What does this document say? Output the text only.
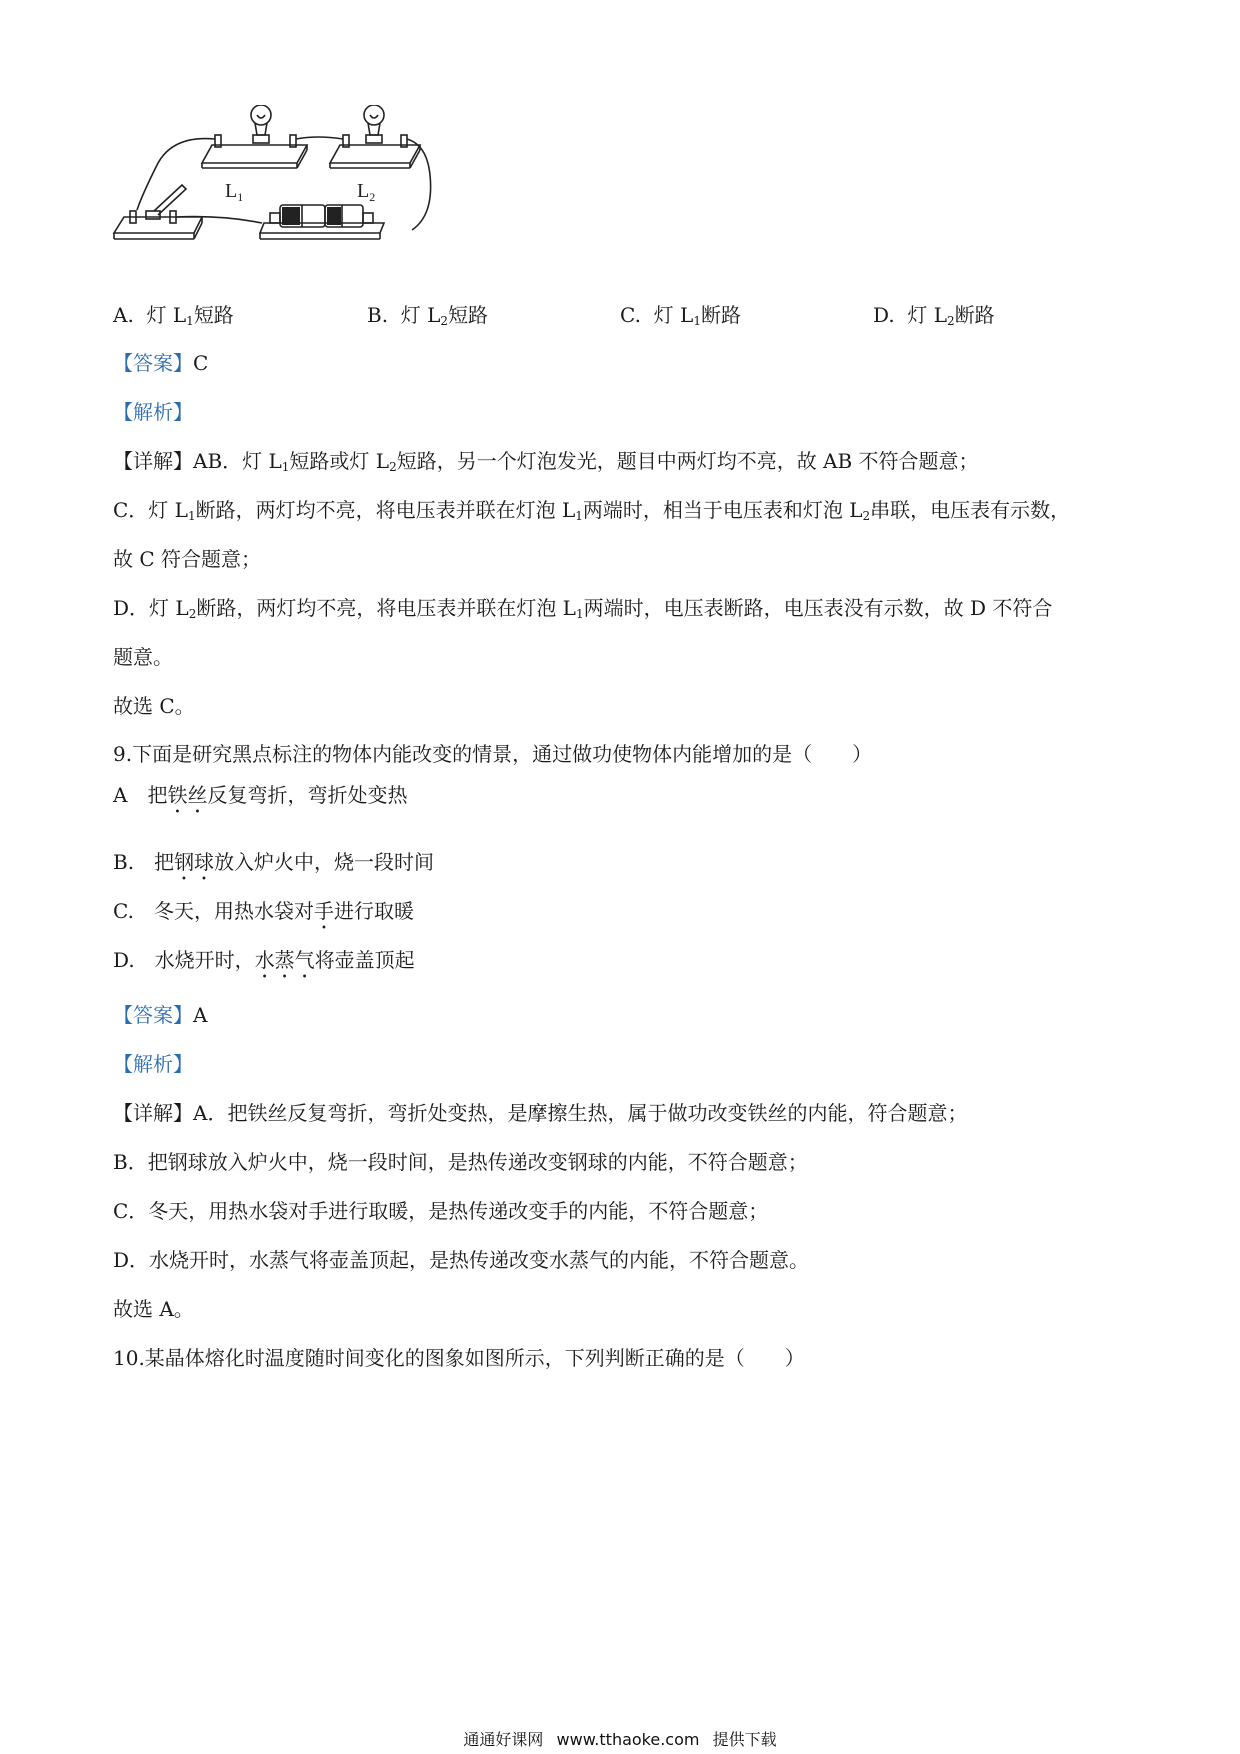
$L_1$	$L_2$
A. 灯 $L_1$短路	B. 灯 $L_2$短路	C. 灯 $L_1$断路	D. 灯 $L_2$断路
【答案】C
【解析】
【详解】AB．灯 $L_1$短路或灯 $L_2$短路，另一个灯泡发光，题目中两灯均不亮，故 AB 不符合题意；
C．灯 $L_1$断路，两灯均不亮，将电压表并联在灯泡 $L_1$两端时，相当于电压表和灯泡 $L_2$串联，电压表有示数，
故 C 符合题意；
D．灯 $L_2$断路，两灯均不亮，将电压表并联在灯泡 $L_1$两端时，电压表断路，电压表没有示数，故 D 不符合
题意。
故选 C。
9.下面是研究黑点标注的物体内能改变的情景，通过做功使物体内能增加的是（　　）
A　把铁丝反复弯折，弯折处变热
B.　把钢球放入炉火中，烧一段时间
C.　冬天，用热水袋对手进行取暖
D.　水烧开时，水蒸气将壶盖顶起
【答案】A
【解析】
【详解】A．把铁丝反复弯折，弯折处变热，是摩擦生热，属于做功改变铁丝的内能，符合题意；
B．把钢球放入炉火中，烧一段时间，是热传递改变钢球的内能，不符合题意；
C．冬天，用热水袋对手进行取暖，是热传递改变手的内能，不符合题意；
D．水烧开时，水蒸气将壶盖顶起，是热传递改变水蒸气的内能，不符合题意。
故选 A。
10.某晶体熔化时温度随时间变化的图象如图所示，下列判断正确的是（　　）
通通好课网 www.tthaoke.com 提供下载
